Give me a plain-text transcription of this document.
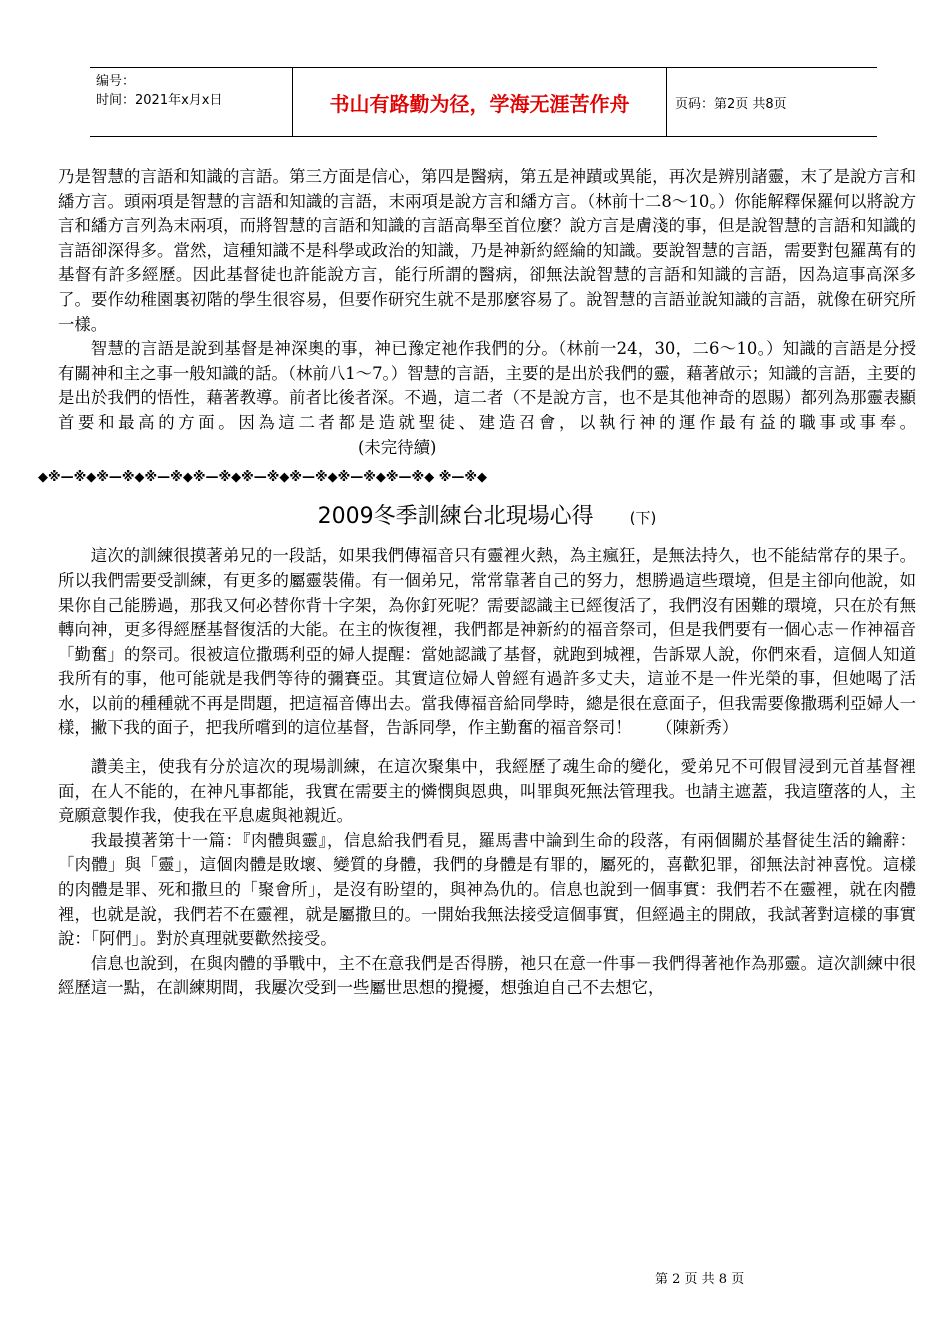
编号：
时间：2021年x月x日	书山有路勤为径，学海无涯苦作舟	页码：第2页 共8页

乃是智慧的言語和知識的言語。第三方面是信心，第四是醫病，第五是神蹟或異能，再次是辨別諸靈，末了是說方言和繙方言。頭兩項是智慧的言語和知識的言語，末兩項是說方言和繙方言。（林前十二8～10。）你能解釋保羅何以將說方言和繙方言列為末兩項，而將智慧的言語和知識的言語高舉至首位麼？說方言是膚淺的事，但是說智慧的言語和知識的言語卻深得多。當然，這種知識不是科學或政治的知識，乃是神新約經綸的知識。要說智慧的言語，需要對包羅萬有的基督有許多經歷。因此基督徒也許能說方言，能行所謂的醫病，卻無法說智慧的言語和知識的言語，因為這事高深多了。要作幼稚園裏初階的學生很容易，但要作研究生就不是那麼容易了。說智慧的言語並說知識的言語，就像在研究所一樣。

智慧的言語是說到基督是神深奧的事，神已豫定祂作我們的分。（林前一24，30，二6～10。）知識的言語是分授有關神和主之事一般知識的話。（林前八1～7。）智慧的言語，主要的是出於我們的靈，藉著啟示；知識的言語，主要的是出於我們的悟性，藉著教導。前者比後者深。不過，這二者（不是說方言，也不是其他神奇的恩賜）都列為那靈表顯首要和最高的方面。因為這二者都是造就聖徒、建造召會，以執行神的運作最有益的職事或事奉。(未完待續)

◆※—※◆※—※◆※—※◆※—※◆※—※◆※—※◆※—※◆※—※◆ ※—※◆
2009冬季訓練台北現場心得 (下)

這次的訓練很摸著弟兄的一段話，如果我們傳福音只有靈裡火熱，為主瘋狂，是無法持久，也不能結常存的果子。所以我們需要受訓練，有更多的屬靈裝備。有一個弟兄，常常靠著自己的努力，想勝過這些環境，但是主卻向他說，如果你自己能勝過，那我又何必替你背十字架，為你釘死呢？需要認識主已經復活了，我們沒有困難的環境，只在於有無轉向神，更多得經歷基督復活的大能。在主的恢復裡，我們都是神新約的福音祭司，但是我們要有一個心志－作神福音「勤奮」的祭司。很被這位撒瑪利亞的婦人提醒：當她認識了基督，就跑到城裡，告訴眾人說，你們來看，這個人知道我所有的事，他可能就是我們等待的彌賽亞。其實這位婦人曾經有過許多丈夫，這並不是一件光榮的事，但她喝了活水，以前的種種就不再是問題，把這福音傳出去。當我傳福音給同學時，總是很在意面子，但我需要像撒瑪利亞婦人一樣，撇下我的面子，把我所嚐到的這位基督，告訴同學，作主勤奮的福音祭司！　　（陳新秀）

讚美主，使我有分於這次的現場訓練，在這次聚集中，我經歷了魂生命的變化，愛弟兄不可假冒浸到元首基督裡面，在人不能的，在神凡事都能，我實在需要主的憐憫與恩典，叫罪與死無法管理我。也請主遮蓋，我這墮落的人，主竟願意製作我，使我在平息處與祂親近。

我最摸著第十一篇：『肉體與靈』，信息給我們看見，羅馬書中論到生命的段落，有兩個關於基督徒生活的鑰辭：「肉體」與「靈」，這個肉體是敗壞、變質的身體，我們的身體是有罪的，屬死的，喜歡犯罪，卻無法討神喜悅。這樣的肉體是罪、死和撒旦的「聚會所」，是沒有盼望的，與神為仇的。信息也說到一個事實：我們若不在靈裡，就在肉體裡，也就是說，我們若不在靈裡，就是屬撒旦的。一開始我無法接受這個事實，但經過主的開啟，我試著對這樣的事實說：「阿們」。對於真理就要歡然接受。

信息也說到，在與肉體的爭戰中，主不在意我們是否得勝，祂只在意一件事－我們得著祂作為那靈。這次訓練中很經歷這一點，在訓練期間，我屢次受到一些屬世思想的攪擾，想強迫自己不去想它，

第 2 页 共 8 页
